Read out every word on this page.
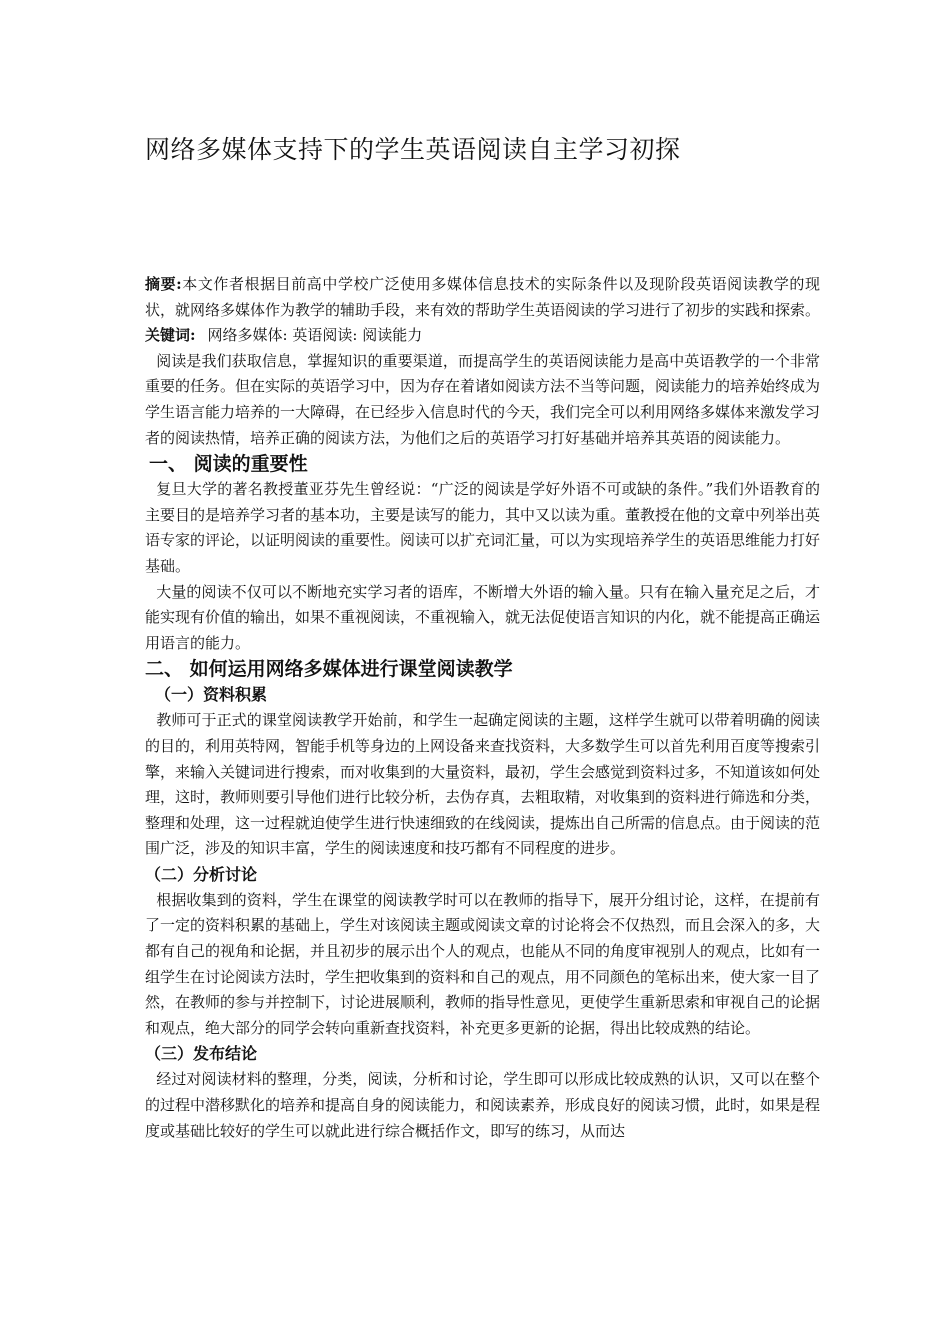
网络多媒体支持下的学生英语阅读自主学习初探

摘要:本文作者根据目前高中学校广泛使用多媒体信息技术的实际条件以及现阶段英语阅读教学的现状，就网络多媒体作为教学的辅助手段，来有效的帮助学生英语阅读的学习进行了初步的实践和探索。

关键词: 网络多媒体: 英语阅读: 阅读能力

阅读是我们获取信息，掌握知识的重要渠道，而提高学生的英语阅读能力是高中英语教学的一个非常重要的任务。但在实际的英语学习中，因为存在着诸如阅读方法不当等问题，阅读能力的培养始终成为学生语言能力培养的一大障碍，在已经步入信息时代的今天，我们完全可以利用网络多媒体来激发学习者的阅读热情，培养正确的阅读方法，为他们之后的英语学习打好基础并培养其英语的阅读能力。

一、 阅读的重要性

复旦大学的著名教授董亚芬先生曾经说：“广泛的阅读是学好外语不可或缺的条件。”我们外语教育的主要目的是培养学习者的基本功，主要是读写的能力，其中又以读为重。董教授在他的文章中列举出英语专家的评论，以证明阅读的重要性。阅读可以扩充词汇量，可以为实现培养学生的英语思维能力打好基础。

大量的阅读不仅可以不断地充实学习者的语库，不断增大外语的输入量。只有在输入量充足之后，才能实现有价值的输出，如果不重视阅读，不重视输入，就无法促使语言知识的内化，就不能提高正确运用语言的能力。

二、 如何运用网络多媒体进行课堂阅读教学

（一）资料积累

教师可于正式的课堂阅读教学开始前，和学生一起确定阅读的主题，这样学生就可以带着明确的阅读的目的，利用英特网，智能手机等身边的上网设备来查找资料，大多数学生可以首先利用百度等搜索引擎，来输入关键词进行搜索，而对收集到的大量资料，最初，学生会感觉到资料过多，不知道该如何处理，这时，教师则要引导他们进行比较分析，去伪存真，去粗取精，对收集到的资料进行筛选和分类，整理和处理，这一过程就迫使学生进行快速细致的在线阅读，提炼出自己所需的信息点。由于阅读的范围广泛，涉及的知识丰富，学生的阅读速度和技巧都有不同程度的进步。

（二）分析讨论

根据收集到的资料，学生在课堂的阅读教学时可以在教师的指导下，展开分组讨论，这样，在提前有了一定的资料积累的基础上，学生对该阅读主题或阅读文章的讨论将会不仅热烈，而且会深入的多，大都有自己的视角和论据，并且初步的展示出个人的观点，也能从不同的角度审视别人的观点，比如有一组学生在讨论阅读方法时，学生把收集到的资料和自己的观点，用不同颜色的笔标出来，使大家一目了然，在教师的参与并控制下，讨论进展顺利，教师的指导性意见，更使学生重新思索和审视自己的论据和观点，绝大部分的同学会转向重新查找资料，补充更多更新的论据，得出比较成熟的结论。

（三）发布结论

经过对阅读材料的整理，分类，阅读，分析和讨论，学生即可以形成比较成熟的认识，又可以在整个的过程中潜移默化的培养和提高自身的阅读能力，和阅读素养，形成良好的阅读习惯，此时，如果是程度或基础比较好的学生可以就此进行综合概括作文，即写的练习，从而达
